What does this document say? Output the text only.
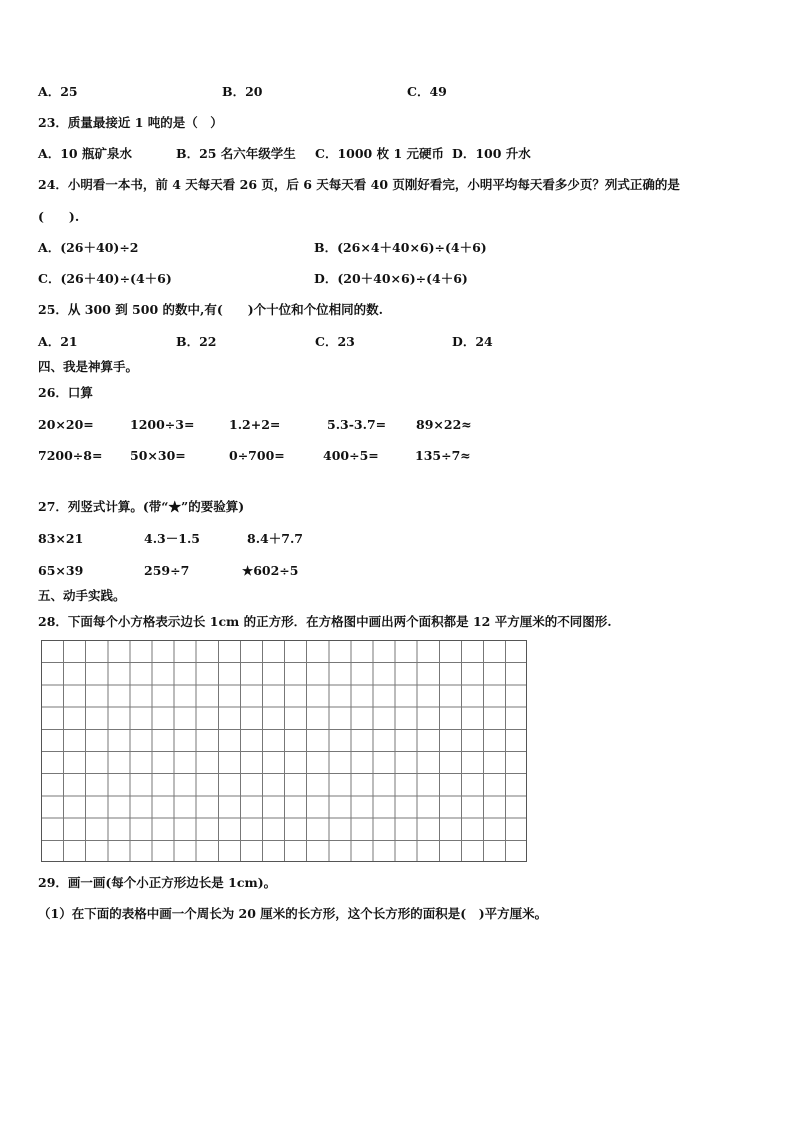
A．25	B．20	C．49
23．质量最接近 1 吨的是（　）
A．10 瓶矿泉水	B．25 名六年级学生 C．1000 枚 1 元硬币 D．100 升水
24．小明看一本书，前 4 天每天看 26 页，后 6 天每天看 40 页刚好看完，小明平均每天看多少页？列式正确的是
(　　).
A．(26＋40)÷2	B．(26×4＋40×6)÷(4＋6)
C．(26＋40)÷(4＋6)	D．(20＋40×6)÷(4＋6)
25．从 300 到 500 的数中,有(　　)个十位和个位相同的数.
A．21	B．22	C．23	D．24
四、我是神算手。
26．口算
20×20=	1200÷3=	1.2+2=	5.3-3.7= 89×22≈
7200÷8= 50×30=	0÷700=	400÷5=	135÷7≈
27．列竖式计算。(带“★”的要验算)
83×21	4.3－1.5	8.4＋7.7
65×39	259÷7	★602÷5
五、动手实践。
28．下面每个小方格表示边长 1cm 的正方形．在方格图中画出两个面积都是 12 平方厘米的不同图形.
29．画一画(每个小正方形边长是 1cm)。
（1）在下面的表格中画一个周长为 20 厘米的长方形，这个长方形的面积是(　)平方厘米。
